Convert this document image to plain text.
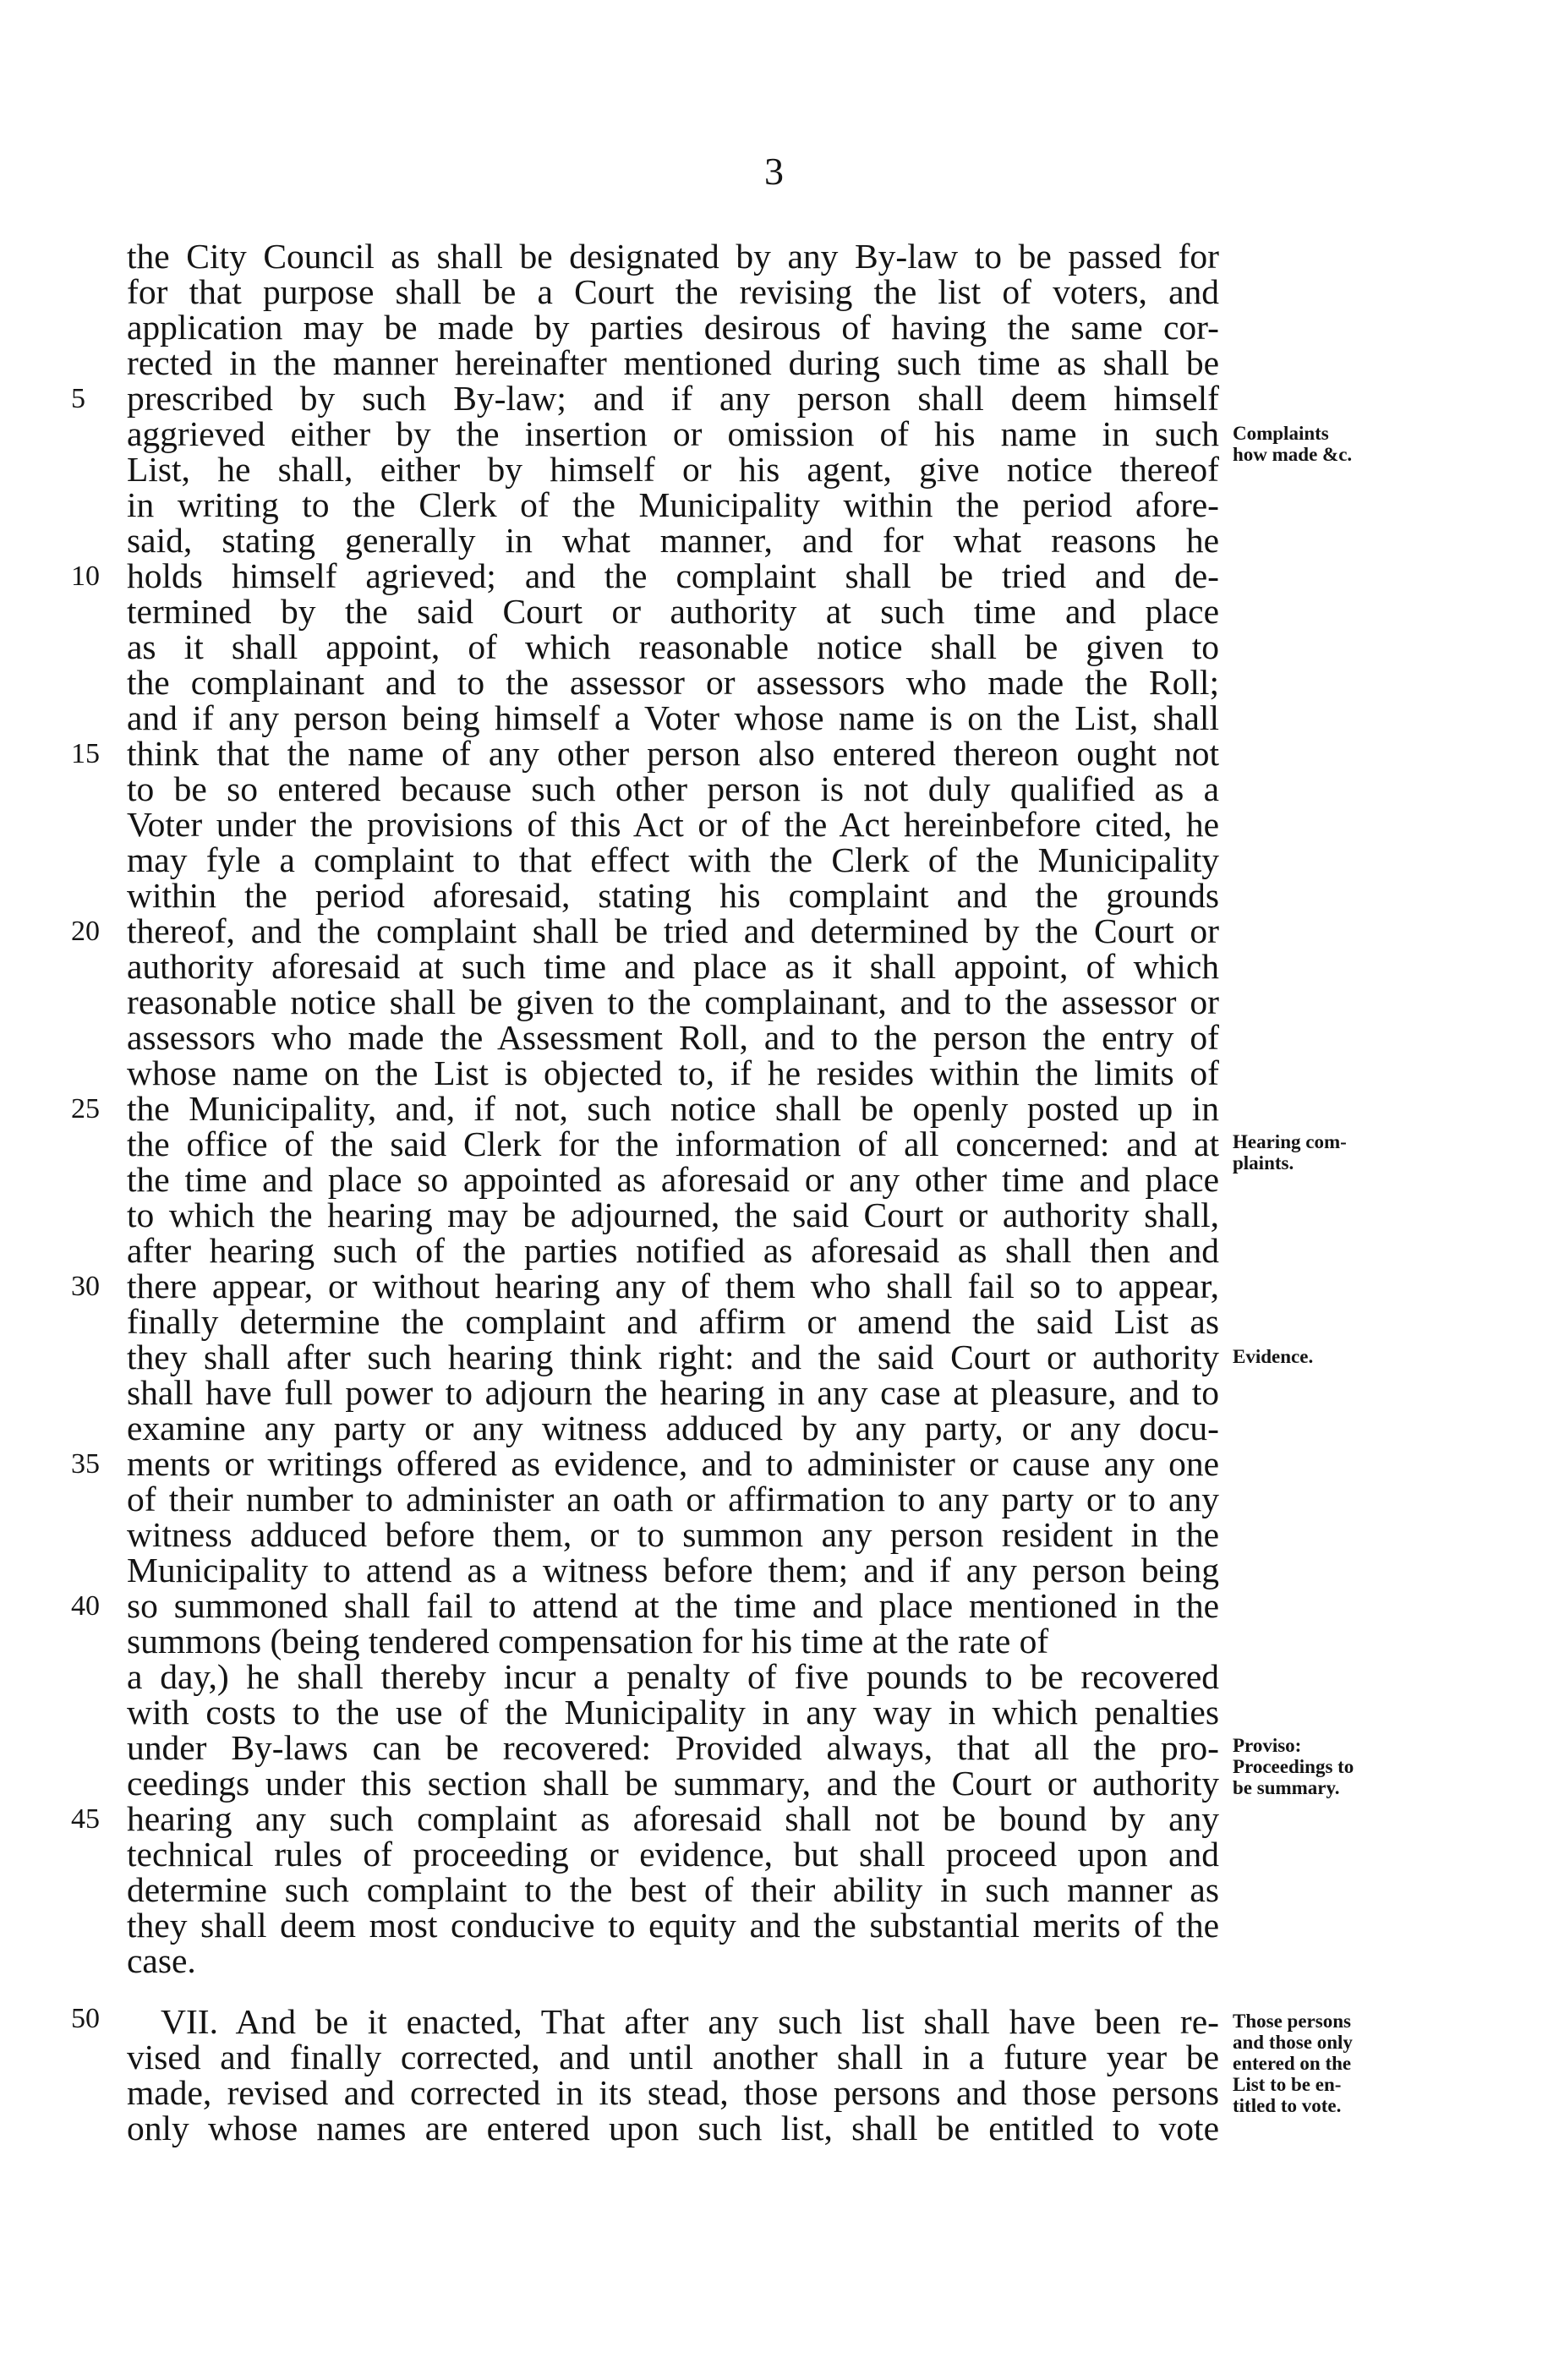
3
the City Council as shall be designated by any By-law to be passed for
for that purpose shall be a Court the revising the list of voters, and
application may be made by parties desirous of having the same cor-
rected in the manner hereinafter mentioned during such time as shall be
prescribed by such By-law; and if any person shall deem himself
aggrieved either by the insertion or omission of his name in such
List, he shall, either by himself or his agent, give notice thereof
in writing to the Clerk of the Municipality within the period afore-
said, stating generally in what manner, and for what reasons he
holds himself agrieved; and the complaint shall be tried and de-
termined by the said Court or authority at such time and place
as it shall appoint, of which reasonable notice shall be given to
the complainant and to the assessor or assessors who made the Roll;
and if any person being himself a Voter whose name is on the List, shall
think that the name of any other person also entered thereon ought not
to be so entered because such other person is not duly qualified as a
Voter under the provisions of this Act or of the Act hereinbefore cited, he
may fyle a complaint to that effect with the Clerk of the Municipality
within the period aforesaid, stating his complaint and the grounds
thereof, and the complaint shall be tried and determined by the Court or
authority aforesaid at such time and place as it shall appoint, of which
reasonable notice shall be given to the complainant, and to the assessor or
assessors who made the Assessment Roll, and to the person the entry of
whose name on the List is objected to, if he resides within the limits of
the Municipality, and, if not, such notice shall be openly posted up in
the office of the said Clerk for the information of all concerned: and at
the time and place so appointed as aforesaid or any other time and place
to which the hearing may be adjourned, the said Court or authority shall,
after hearing such of the parties notified as aforesaid as shall then and
there appear, or without hearing any of them who shall fail so to appear,
finally determine the complaint and affirm or amend the said List as
they shall after such hearing think right: and the said Court or authority
shall have full power to adjourn the hearing in any case at pleasure, and to
examine any party or any witness adduced by any party, or any docu-
ments or writings offered as evidence, and to administer or cause any one
of their number to administer an oath or affirmation to any party or to any
witness adduced before them, or to summon any person resident in the
Municipality to attend as a witness before them; and if any person being
so summoned shall fail to attend at the time and place mentioned in the
summons (being tendered compensation for his time at the rate of
a day,) he shall thereby incur a penalty of five pounds to be recovered
with costs to the use of the Municipality in any way in which penalties
under By-laws can be recovered: Provided always, that all the pro-
ceedings under this section shall be summary, and the Court or authority
hearing any such complaint as aforesaid shall not be bound by any
technical rules of proceeding or evidence, but shall proceed upon and
determine such complaint to the best of their ability in such manner as
they shall deem most conducive to equity and the substantial merits of the
case.
VII. And be it enacted, That after any such list shall have been re-
vised and finally corrected, and until another shall in a future year be
made, revised and corrected in its stead, those persons and those persons
only whose names are entered upon such list, shall be entitled to vote
5
10
15
20
25
30
35
40
45
50
Complaints
how made &c.
Hearing com-
plaints.
Evidence.
Proviso:
Proceedings to
be summary.
Those persons
and those only
entered on the
List to be en-
titled to vote.
